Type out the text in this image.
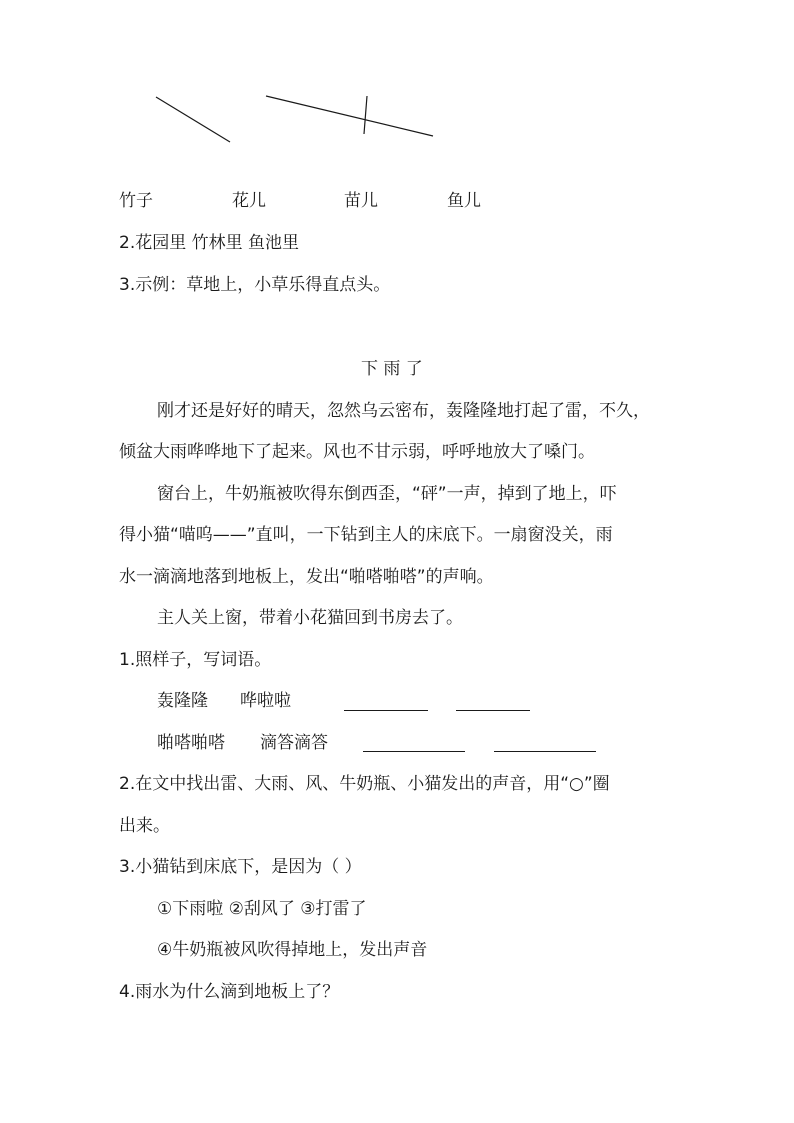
竹子	花儿	苗儿	鱼儿
2.花园里 竹林里 鱼池里
3.示例：草地上，小草乐得直点头。
下 雨 了
刚才还是好好的晴天，忽然乌云密布，轰隆隆地打起了雷，不久，
倾盆大雨哗哗地下了起来。风也不甘示弱，呼呼地放大了嗓门。
窗台上，牛奶瓶被吹得东倒西歪，“砰”一声，掉到了地上，吓
得小猫“喵呜——”直叫，一下钻到主人的床底下。一扇窗没关，雨
水一滴滴地落到地板上，发出“啪嗒啪嗒”的声响。
主人关上窗，带着小花猫回到书房去了。
1.照样子，写词语。
轰隆隆 哗啦啦
啪嗒啪嗒 滴答滴答
2.在文中找出雷、大雨、风、牛奶瓶、小猫发出的声音，用“○”圈
出来。
3.小猫钻到床底下，是因为（ ）
①下雨啦 ②刮风了 ③打雷了
④牛奶瓶被风吹得掉地上，发出声音
4.雨水为什么滴到地板上了？
